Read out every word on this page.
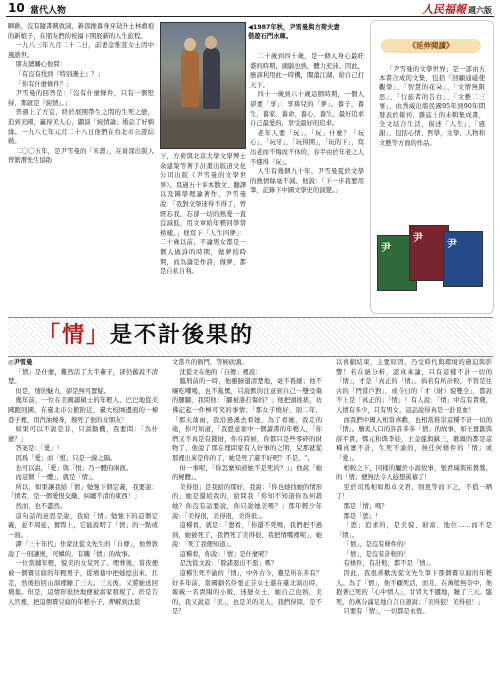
10 當代人物	人民福報 週六版

瞬齡，沒有隨書興致詞，新郎挽養身穿劫升士林旗袍的新娘子，在朋友們的祝福下開展新的人生旅程。

一九八三年九月二十二日，前妻金惟萱女士因中風逝世。

朋友總關心他問：

「有沒有找到『特別護士』？」

「你有什麼條件？」

尹雪曼的回答是：「沒有什麼條件，只有一個堅持，那就是『純情』。」

普遇上了方宜，終於展開帶生之間的生死之戀，追到美國，贏得美人心，闢演「純情論」婚話了好姻緣。一九八七年元月二十八日他們在台北市公證結婚。

二〇〇五年，是尹雪曼的「米壽」，在資深出版人曾繁潛先生協助

◀1987年秋，尹雪曼與方荷夫妻偕遊石門水庫。

下，方荷與北京大學文學博士余建榮等著手計畫出版道文化公司出版《尹雪曼的文學世界》。寫過五十多本散文、翻譯以及國學理論著作，尹雪曼說：「我對文學迷得不得了，曾經忘我，忘卻一切的熱愛一直沒減低，用文章給年輕同學當榜樣。」他寫下「人生四夢」：二十歲以前，不論男女都是一個人做詩的時期，做夢的時期，而為論是作詩，做夢，都是自私自利。

二十歲到四十歲，是一個人身心最旺盛的時期，頭腦也熟，體力充沛。因此，應該利用此一時機，闖蕩江湖，給自己打天下。

四十一歲到六十歲這個時期，一個人卻要「享」：享孫兒的「夢」。養子，養生，養家、養命、養心，養生，最好追求自己最愛的，享受最好的追求。

老年人要「玩」，「玩」什麼？「玩心」，「玩牙」，「玩得開」，「玩的下」，寫出老而不悔而不休的，春半由於年老之人不懂得「玩」。

人生有幾個九十年，尹雪曼夏於文學的熱情絲毫不減。他說：「下一步我要用筆，記錄下中國文學史的演變。」

《延伸閱讀》
「尹雪曼的文學世界」是一部由五本書合成的文集，包括「回顧通磁使觀學」、「智慧的花朵」、「文情無限思」、「行旅者的告白」、「文藝二三事」，由秀威出版民國95年到90年間發表於報刊、雜誌上的未輯集成書，全文結合生活，描述「人生」、「感謝」、包括心情、哲學，文學、人物和文藝等方面的作品。
尹
尹
尹
「情」是不計後果的

◎尹雪曼

「情」是什麼，難然活了大半輩子，卻仍舊說不清楚。

但是，情的魅力，卻是無可置疑。

幾年前，一位在美國讀碩士的年輕人，巴巴地從美國跑回國，在臺北市公館附近，臺大校園邊面的一棟巷子裡，用汽油燒身，燒死了他的女朋友！

如果可以不說是非，只談動機，我要問：「為什麼？」

答案是：「愛」！

因爲「愛」而「恨」只是一線之隔。

也可以說，「愛」與「恨」乃一體的兩面。

而這個「一體」，就是「情」。

所以，如果讓我給「情」勉強下個定義，我要說：「情者，是一個愛恨交織、糾纏不清的東西！」

然而，也不盡然。

這句話的意思是說，我給「情」勉強下的這個定義，並不周延，實際上，它能說明了「情」的一點或一面。

譚「三十年代」作家沈從文先生的「自傳」，他曾敘說了一則讓奧，可憐的，有關「情」的故事。

一位當鋪年輕，貌美的女兒死了。埋葬後，當夜便被一個賣豆腐的年輕男子，從墳墓中把她挖出來，扛走，然後抬回山洞裡睡了三天。三天後，又將她送回墳墓。但是，這情形很快地便被富家發現了。於是告人官裡，把這個賣豆腐的年輕小子，押解到沈從

文當兵的衙門，等候砍頭。

沈從文在他的「自傳」裡說：

臨刑前的一時，他雖臉還清楚地，毫不畏縮；他不嚷吃嘲喝，也不亂罵，只說默的注意到自己一雙受傷的腿腳，我問他：「腳被誰打傷的？」他把頭搖搖，彷彿記起一件極可笑的事情；「那女子燒好，別二年，「那天落雨，我沿過溪去看她，為了看她，我走的遠，你可知道，「我愿意家中一個讀書的年輕人，「你們又不真是有錢財，你在時候，你都只是些零碎的財物了，他說了那在理問家有人好事的之明，兒那就從那裡出來是你的了，她是死了還不好吧？不是。'',

但一事呢，「你怎麼知道她不是死的？』」他說「她的屍體」。

美得很」是我給的那好，我說：「你也她找她的情形的」她是還給我的，給問我「你知不知道你為何殺她？你沒有話要說，你只說她美嗎？」那年輕少年說：「美得很，美得很，美得很」。

這種看，就是：「想看，「你還不死嗎，我們把不過到，她被死了，我們死了美得很，我把情哪裡呢」，她說：「死了我便知道」。

這種看，你說：「情」是什麼呢？

是沈從文說：「除諾惡出不惡」嗎？

這種生死不渝的「情」，中外古今，難是所在多有？好多年前，當國劇名伶張正芬女士還在臺北演出時，報載一名貴陽的小販，迷戀女士，她自己也熟，美的，我又說這「美」，也是美的美人，我們得問，是不是？

以喜劇結束，主要原因，乃受時代與環境的過迫與影響！若在絕分析，認真來論，只有這樣不計一切的「情」，才是「真正的「情」。倘若有所計較，不管是往古的「門當戶對」，或今日的「才（財）貌雙全」，都說不上是「真正的」「情」！有人說：「情」中沒有貴賤，人情有多少，只有男女，這話說得真是一針見血！

而我們中國人相當喜歡，也相當推崇這種不計一切的「情」。膾炙人口的許許多多「情」的故事，如王寶釧與薛平貴，鄭元和與李娃，王金龍與蘇三，歌頌的都是這種真實不計，生死不渝的，無任何條件的「情」或「愛」。

相較之下，同樣的屬於小說故事，張君瑞與崔鶯鶯，的「情」便無法令人遐想羨慕了！

至於司馬相如與卓文君，則更等而下之，不值一晒了！

那是「情」嗎？

那是「慾」！

「慾」追求的，是美貌、財富、地位……而不是「情」。

「情」，是沒有條件的！

「情」，是沒有計較的！

有條件，有計較，都不是「情」。

因此，我很喜歡沈從文先生筆下那個賣豆腐的年輕人。為了「情」，他不顧死活，而且，在萬般無奈中，他抱著已死的「心中情人」，甘冒大不韙地，睡了三天。臨死，仍萬分滿足地自言自語說：「美得很！美得很！」

只要有「情」，一切都是永恆。
